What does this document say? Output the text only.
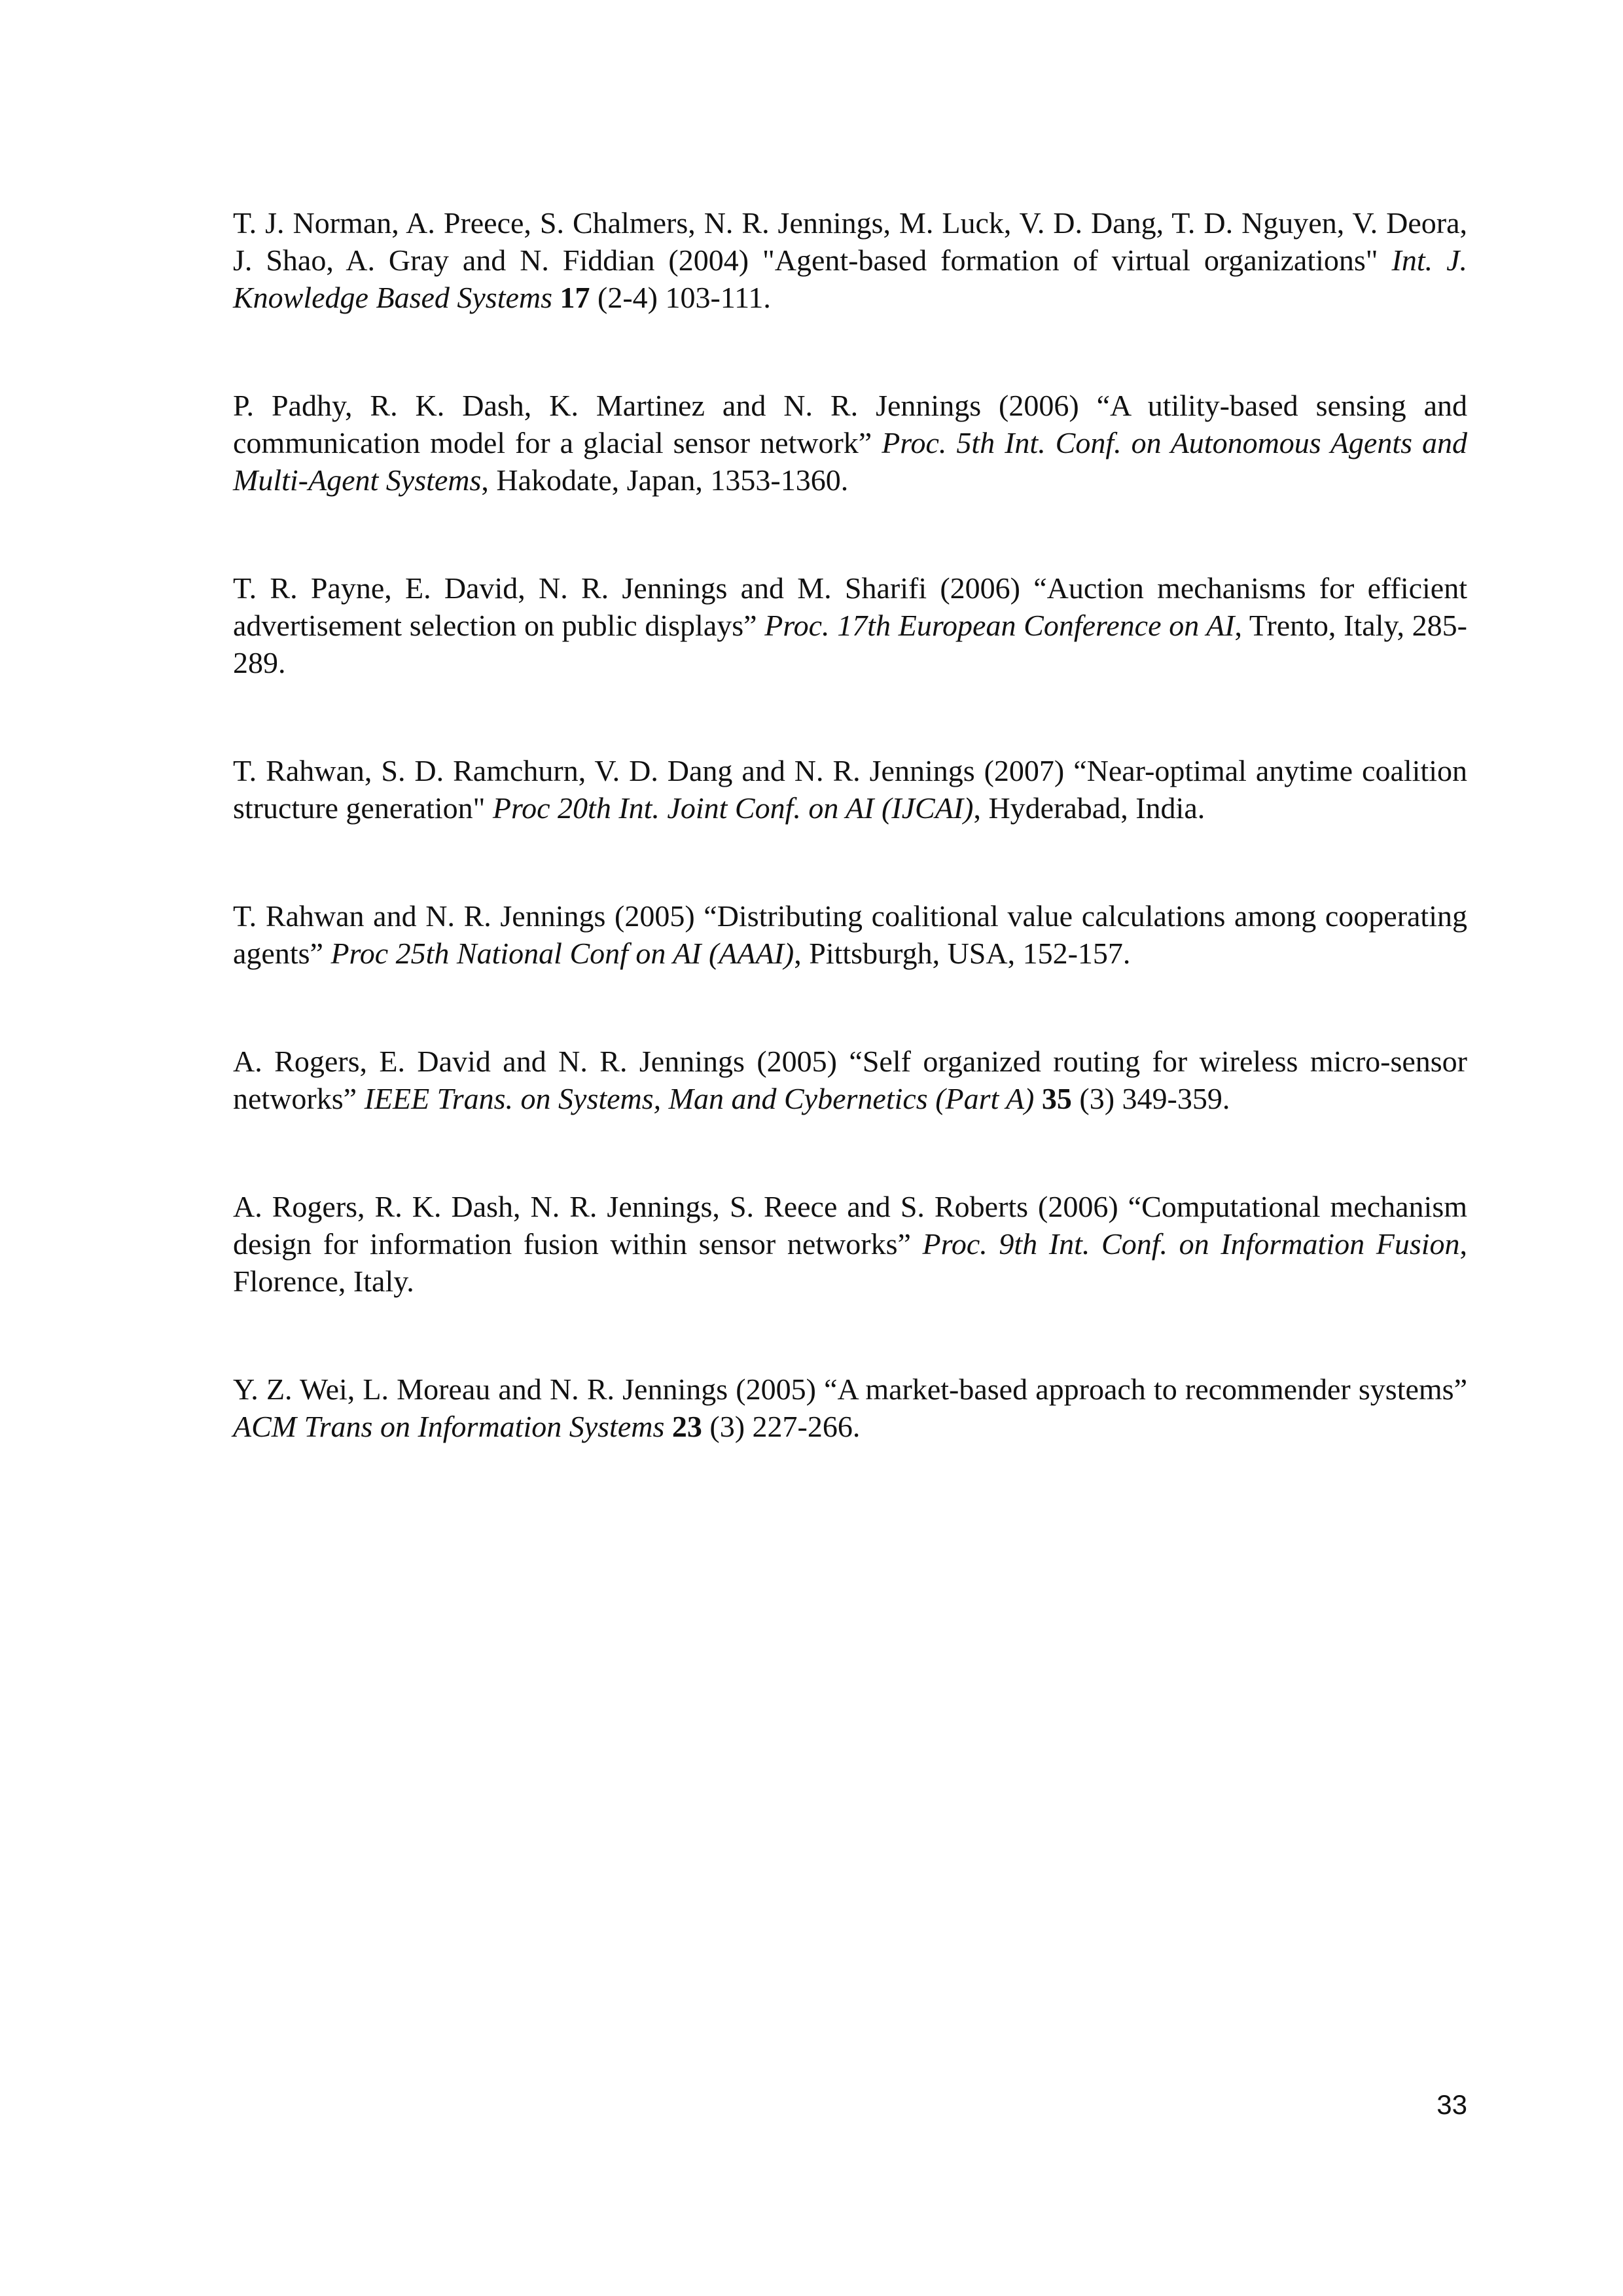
T. J. Norman, A. Preece, S. Chalmers, N. R. Jennings, M. Luck, V. D. Dang, T. D. Nguyen, V. Deora, J. Shao, A. Gray and N. Fiddian (2004) "Agent-based formation of virtual organizations" Int. J. Knowledge Based Systems 17 (2-4) 103-111.

P. Padhy, R. K. Dash, K. Martinez and N. R. Jennings (2006) “A utility-based sensing and communication model for a glacial sensor network” Proc. 5th Int. Conf. on Autonomous Agents and Multi-Agent Systems, Hakodate, Japan, 1353-1360.

T. R. Payne, E. David, N. R. Jennings and M. Sharifi (2006) “Auction mechanisms for efficient advertisement selection on public displays” Proc. 17th European Conference on AI, Trento, Italy, 285-289.

T. Rahwan, S. D. Ramchurn, V. D. Dang and N. R. Jennings (2007) “Near-optimal anytime coalition structure generation" Proc 20th Int. Joint Conf. on AI (IJCAI), Hyderabad, India.

T. Rahwan and N. R. Jennings (2005) “Distributing coalitional value calculations among cooperating agents” Proc 25th National Conf on AI (AAAI), Pittsburgh, USA, 152-157.

A. Rogers, E. David and N. R. Jennings (2005) “Self organized routing for wireless micro-sensor networks” IEEE Trans. on Systems, Man and Cybernetics (Part A) 35 (3) 349-359.

A. Rogers, R. K. Dash, N. R. Jennings, S. Reece and S. Roberts (2006) “Computational mechanism design for information fusion within sensor networks” Proc. 9th Int. Conf. on Information Fusion, Florence, Italy.

Y. Z. Wei, L. Moreau and N. R. Jennings (2005) “A market-based approach to recommender systems” ACM Trans on Information Systems 23 (3) 227-266.

33
